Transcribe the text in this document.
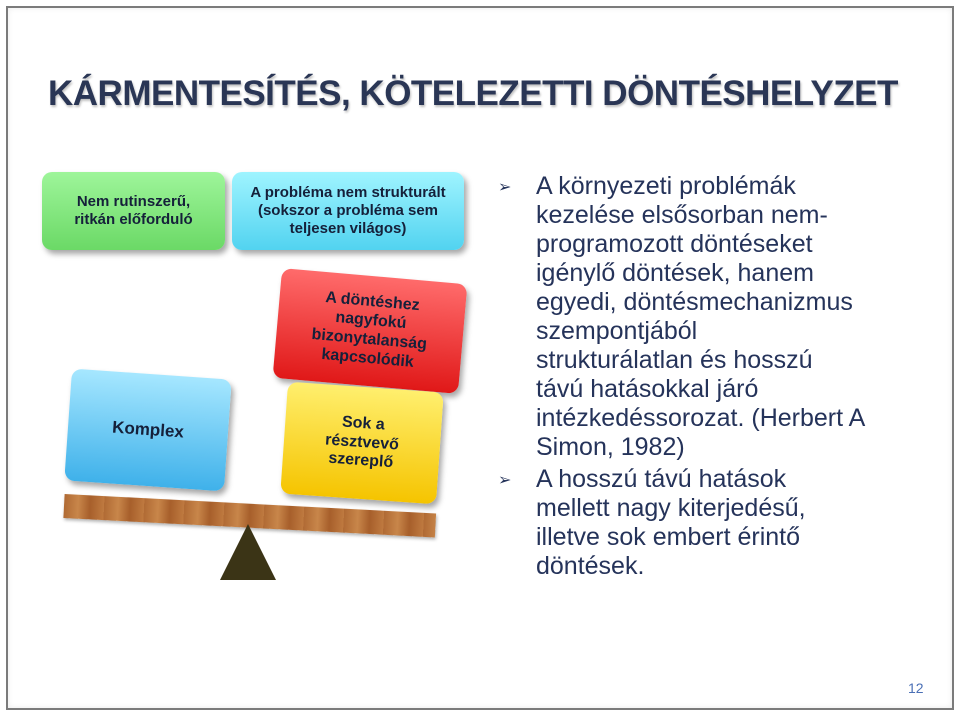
KÁRMENTESÍTÉS, KÖTELEZETTI DÖNTÉSHELYZET
Nem rutinszerű,
ritkán előforduló
A probléma nem strukturált
(sokszor a probléma sem
teljesen világos)
A döntéshez
nagyfokú
bizonytalanság
kapcsolódik
Sok a
résztvevő
szereplő
Komplex
➢ A környezeti problémák
kezelése elsősorban nem-
programozott döntéseket
igénylő döntések, hanem
egyedi, döntésmechanizmus
szempontjából
strukturálatlan és hosszú
távú hatásokkal járó
intézkedéssorozat. (Herbert A
Simon, 1982)
➢ A hosszú távú hatások
mellett nagy kiterjedésű,
illetve sok embert érintő
döntések.
12
